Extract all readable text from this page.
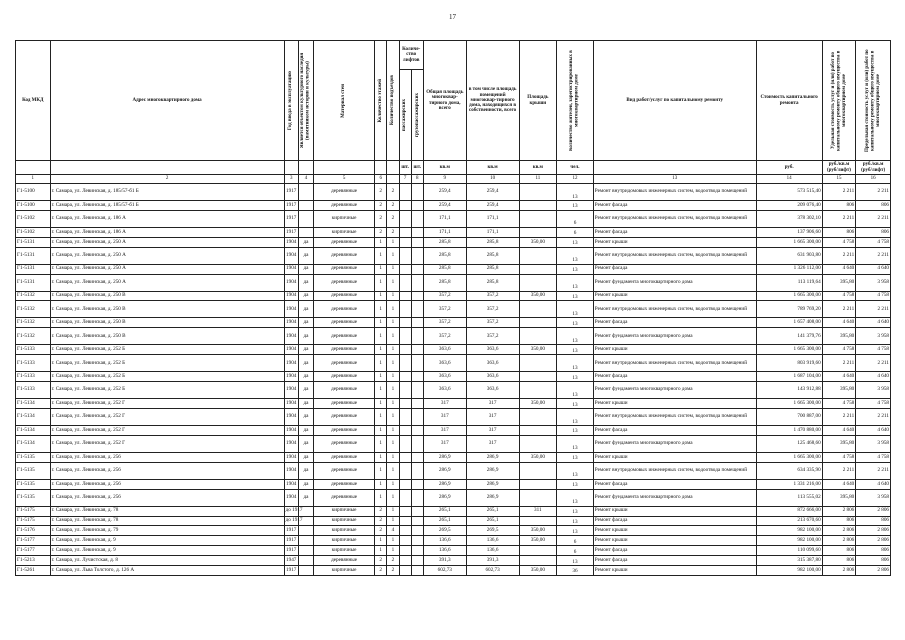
17
Код МКД	Адрес многоквартирного дома	Год ввода в эксплуатацию	Является объектом культурного наследия (памятником истории и культуры)	Материал стен	Количество этажей	Количество подъездов	Количе-ство лифтов		Общая площадь многоквар-тирного дома, всего	в том числе площадь помещений многоквар-тирного дома, находящихся в собственности, всего	Площадь крыши	Количество жителей, зарегистрированных в многоквартирном доме	Вид работ/услуг по капитальному ремонту	Стоимость капитального ремонта	Удельная стоимость услуг и (или) работ по капитальному ремонту общего имущества в многоквартирном доме	Предельная стоимость услуг и (или) работ по капитальному ремонту общего имущества в многоквартирном доме

							пассажирских	грузопассажирских								

							шт.	шт.	кв.м	кв.м	кв.м	чел.		руб.	руб./кв.м (руб/лифт)	руб./кв.м (руб/лифт)
1	2	3	4	5	6		7	8	9	10	11	12	13	14	15	16
Г1-5100	г. Самара, ул. Левинская, д. 185/57-б1 Б	1917		деревянные	2	2			259,4	259,4		13	Ремонт внутридомовых инженерных систем, водоотвода помещений	573 515,40	2 211	2 211
Г1-5100	г. Самара, ул. Левинская, д. 185/57-б1 Б	1917		деревянные	2	2			259,4	259,4		13	Ремонт фасада	209 076,40	806	806
Г1-5102	г. Самара, ул. Левинская, д. 186 А	1917		кирпичные	2	2			171,1	171,1		6	Ремонт внутридомовых инженерных систем, водоотвода помещений	378 302,10	2 211	2 211
Г1-5102	г. Самара, ул. Левинская, д. 186 А	1917		кирпичные	2	2			171,1	171,1		6	Ремонт фасада	137 906,60	806	806
Г1-5131	г. Самара, ул. Левинская, д. 250 А	1904	да	деревянные	1	1			285,8	285,8	350,00	13	Ремонт крыши	1 665 300,00	4 758	4 758
Г1-5131	г. Самара, ул. Левинская, д. 250 А	1904	да	деревянные	1	1			285,8	285,8		13	Ремонт внутридомовых инженерных систем, водоотвода помещений	631 903,80	2 211	2 211
Г1-5131	г. Самара, ул. Левинская, д. 250 А	1904	да	деревянные	1	1			285,8	285,8		13	Ремонт фасада	1 326 112,00	4 640	4 640
Г1-5131	г. Самара, ул. Левинская, д. 250 А	1904	да	деревянные	1	1			285,8	285,8		13	Ремонт фундамента многоквартирного дома	113 119,64	395,80	3 958
Г1-5132	г. Самара, ул. Левинская, д. 250 В	1904	да	деревянные	1	1			357,2	357,2	350,00	13	Ремонт крыши	1 665 300,00	4 758	4 758
Г1-5132	г. Самара, ул. Левинская, д. 250 В	1904	да	деревянные	1	1			357,2	357,2		13	Ремонт внутридомовых инженерных систем, водоотвода помещений	789 769,20	2 211	2 211
Г1-5132	г. Самара, ул. Левинская, д. 250 В	1904	да	деревянные	1	1			357,2	357,2		13	Ремонт фасада	1 657 408,00	4 640	4 640
Г1-5132	г. Самара, ул. Левинская, д. 250 В	1904	да	деревянные	1	1			357,2	357,2		13	Ремонт фундамента многоквартирного дома	141 379,76	395,80	3 958
Г1-5133	г. Самара, ул. Левинская, д. 252 Б	1904	да	деревянные	1	1			363,6	363,6	350,00	13	Ремонт крыши	1 665 300,00	4 758	4 758
Г1-5133	г. Самара, ул. Левинская, д. 252 Б	1904	да	деревянные	1	1			363,6	363,6		13	Ремонт внутридомовых инженерных систем, водоотвода помещений	803 919,60	2 211	2 211
Г1-5133	г. Самара, ул. Левинская, д. 252 Б	1904	да	деревянные	1	1			363,6	363,6		13	Ремонт фасада	1 687 104,00	4 640	4 640
Г1-5133	г. Самара, ул. Левинская, д. 252 Б	1904	да	деревянные	1	1			363,6	363,6		13	Ремонт фундамента многоквартирного дома	143 912,88	395,80	3 958
Г1-5134	г. Самара, ул. Левинская, д. 252 Г	1904	да	деревянные	1	1			317	317	350,00	13	Ремонт крыши	1 665 300,00	4 758	4 758
Г1-5134	г. Самара, ул. Левинская, д. 252 Г	1904	да	деревянные	1	1			317	317		13	Ремонт внутридомовых инженерных систем, водоотвода помещений	700 887,00	2 211	2 211
Г1-5134	г. Самара, ул. Левинская, д. 252 Г	1904	да	деревянные	1	1			317	317		13	Ремонт фасада	1 470 880,00	4 640	4 640
Г1-5134	г. Самара, ул. Левинская, д. 252 Г	1904	да	деревянные	1	1			317	317		13	Ремонт фундамента многоквартирного дома	125 468,60	395,80	3 958
Г1-5135	г. Самара, ул. Левинская, д. 256	1904	да	деревянные	1	1			286,9	286,9	350,00	13	Ремонт крыши	1 665 300,00	4 758	4 758
Г1-5135	г. Самара, ул. Левинская, д. 256	1904	да	деревянные	1	1			286,9	286,9		13	Ремонт внутридомовых инженерных систем, водоотвода помещений	634 335,90	2 211	2 211
Г1-5135	г. Самара, ул. Левинская, д. 256	1904	да	деревянные	1	1			286,9	286,9		13	Ремонт фасада	1 331 216,00	4 640	4 640
Г1-5135	г. Самара, ул. Левинская, д. 256	1904	да	деревянные	1	1			286,9	286,9		13	Ремонт фундамента многоквартирного дома	113 555,02	395,80	3 958
Г1-5175	г. Самара, ул. Левинская, д. 78	до 1917		кирпичные	2	1			265,1	265,1	311	13	Ремонт крыши	872 666,00	2 806	2 806
Г1-5175	г. Самара, ул. Левинская, д. 78	до 1917		кирпичные	2	1			265,1	265,1		13	Ремонт фасада	213 670,60	806	806
Г1-5176	г. Самара, ул. Левинская, д. 79	1917		кирпичные	2	4			269,5	269,5	350,00	13	Ремонт крыши	982 100,00	2 806	2 806
Г1-5177	г. Самара, ул. Левинская, д. 9	1917		кирпичные	1	1			136,6	136,6	350,00	6	Ремонт крыши	982 100,00	2 806	2 806
Г1-5177	г. Самара, ул. Левинская, д. 9	1917		кирпичные	1	1			136,6	136,6		6	Ремонт фасада	110 099,60	806	806
Г1-5213	г. Самара, ул. Лучистская, д. 8	1947		деревянные	2	2			391,3	391,3		13	Ремонт фасада	315 387,80	806	806
Г1-5261	г. Самара, ул. Льва Толстого, д. 126 А	1917		кирпичные	2	2			602,73	602,73	350,00	36	Ремонт крыши	982 100,00	2 806	2 806
